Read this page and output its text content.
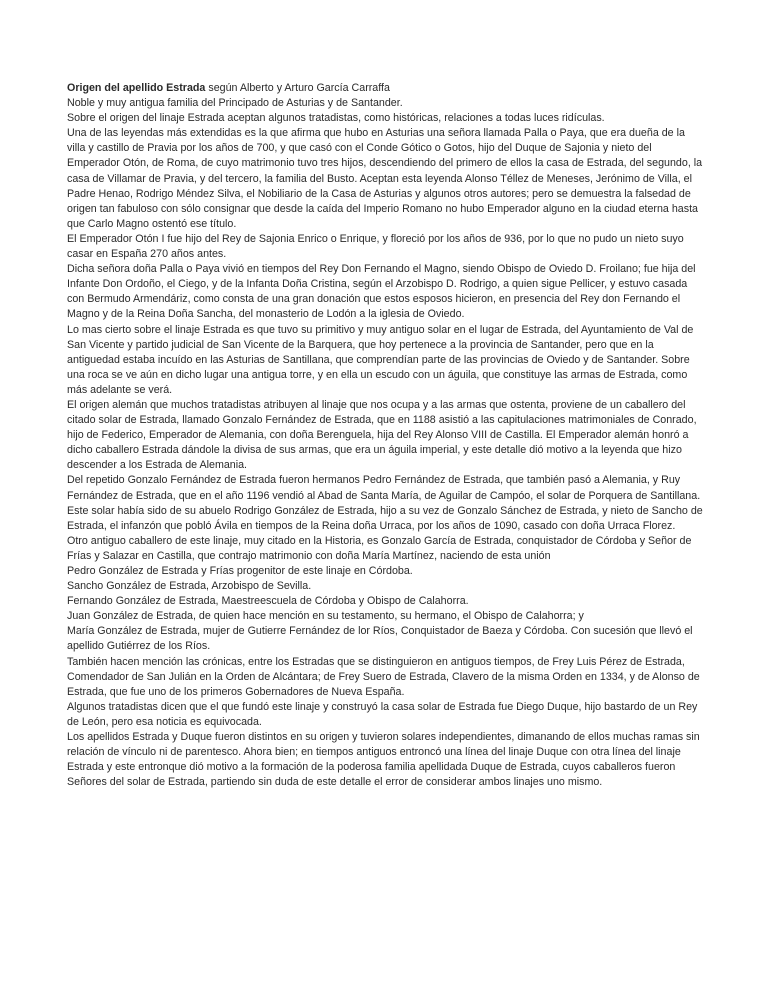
Origen del apellido Estrada según Alberto y Arturo García Carraffa

Noble y muy antigua familia del Principado de Asturias y de Santander.

Sobre el origen del linaje Estrada aceptan algunos tratadistas, como históricas, relaciones a todas luces ridículas.

Una de las leyendas más extendidas es la que afirma que hubo en Asturias una señora llamada Palla o Paya, que era dueña de la villa y castillo de Pravia por los años de 700, y que casó con el Conde Gótico o Gotos, hijo del Duque de Sajonia y nieto del Emperador Otón, de Roma, de cuyo matrimonio tuvo tres hijos, descendiendo del primero de ellos la casa de Estrada, del segundo, la casa de Villamar de Pravia, y del tercero, la familia del Busto. Aceptan esta leyenda Alonso Téllez de Meneses, Jerónimo de Villa, el Padre Henao, Rodrigo Méndez Silva, el Nobiliario de la Casa de Asturias y algunos otros autores; pero se demuestra la falsedad de origen tan fabuloso con sólo consignar que desde la caída del Imperio Romano no hubo Emperador alguno en la ciudad eterna hasta que Carlo Magno ostentó ese título.

El Emperador Otón I fue hijo del Rey de Sajonia Enrico o Enrique, y floreció por los años de 936, por lo que no pudo un nieto suyo casar en España 270 años antes.

Dicha señora doña Palla o Paya vivió en tiempos del Rey Don Fernando el Magno, siendo Obispo de Oviedo D. Froilano; fue hija del Infante Don Ordoño, el Ciego, y de la Infanta Doña Cristina, según el Arzobispo D. Rodrigo, a quien sigue Pellicer, y estuvo casada con Bermudo Armendáriz, como consta de una gran donación que estos esposos hicieron, en presencia del Rey don Fernando el Magno y de la Reina Doña Sancha, del monasterio de Lodón a la iglesia de Oviedo.

Lo mas cierto sobre el linaje Estrada es que tuvo su primitivo y muy antiguo solar en el lugar de Estrada, del Ayuntamiento de Val de San Vicente y partido judicial de San Vicente de la Barquera, que hoy pertenece a la provincia de Santander, pero que en la antiguedad estaba incuído en las Asturias de Santillana, que comprendían parte de las provincias de Oviedo y de Santander. Sobre una roca se ve aún en dicho lugar una antigua torre, y en ella un escudo con un águila, que constituye las armas de Estrada, como más adelante se verá.

El origen alemán que muchos tratadistas atribuyen al linaje que nos ocupa y a las armas que ostenta, proviene de un caballero del citado solar de Estrada, llamado Gonzalo Fernández de Estrada, que en 1188 asistió a las capitulaciones matrimoniales de Conrado, hijo de Federico, Emperador de Alemania, con doña Berenguela, hija del Rey Alonso VIII de Castilla. El Emperador alemán honró a dicho caballero Estrada dándole la divisa de sus armas, que era un águila imperial, y este detalle dió motivo a la leyenda que hizo descender a los Estrada de Alemania.

Del repetido Gonzalo Fernández de Estrada fueron hermanos Pedro Fernández de Estrada, que también pasó a Alemania, y Ruy Fernández de Estrada, que en el año 1196 vendió al Abad de Santa María, de Aguilar de Campóo, el solar de Porquera de Santillana. Este solar había sido de su abuelo Rodrigo González de Estrada, hijo a su vez de Gonzalo Sánchez de Estrada, y nieto de Sancho de Estrada, el infanzón que pobló Ávila en tiempos de la Reina doña Urraca, por los años de 1090, casado con doña Urraca Florez.

Otro antiguo caballero de este linaje, muy citado en la Historia, es Gonzalo García de Estrada, conquistador de Córdoba y Señor de Frías y Salazar en Castilla, que contrajo matrimonio con doña María Martínez, naciendo de esta unión

Pedro González de Estrada y Frías progenitor de este linaje en Córdoba.

Sancho González de Estrada, Arzobispo de Sevilla.

Fernando González de Estrada, Maestreescuela de Córdoba y Obispo de Calahorra.

Juan González de Estrada, de quien hace mención en su testamento, su hermano, el Obispo de Calahorra; y

María González de Estrada, mujer de Gutierre Fernández de lor Ríos, Conquistador de Baeza y Córdoba. Con sucesión que llevó el apellido Gutiérrez de los Ríos.

También hacen mención las crónicas, entre los Estradas que se distinguieron en antiguos tiempos, de Frey Luis Pérez de Estrada, Comendador de San Julián en la Orden de Alcántara; de Frey Suero de Estrada, Clavero de la misma Orden en 1334, y de Alonso de Estrada, que fue uno de los primeros Gobernadores de Nueva España.

Algunos tratadistas dicen que el que fundó este linaje y construyó la casa solar de Estrada fue Diego Duque, hijo bastardo de un Rey de León, pero esa noticia es equivocada.

Los apellidos Estrada y Duque fueron distintos en su origen y tuvieron solares independientes, dimanando de ellos muchas ramas sin relación de vínculo ni de parentesco. Ahora bien; en tiempos antiguos entroncó una línea del linaje Duque con otra línea del linaje Estrada y este entronque dió motivo a la formación de la poderosa familia apellidada Duque de Estrada, cuyos caballeros fueron Señores del solar de Estrada, partiendo sin duda de este detalle el error de considerar ambos linajes uno mismo.
